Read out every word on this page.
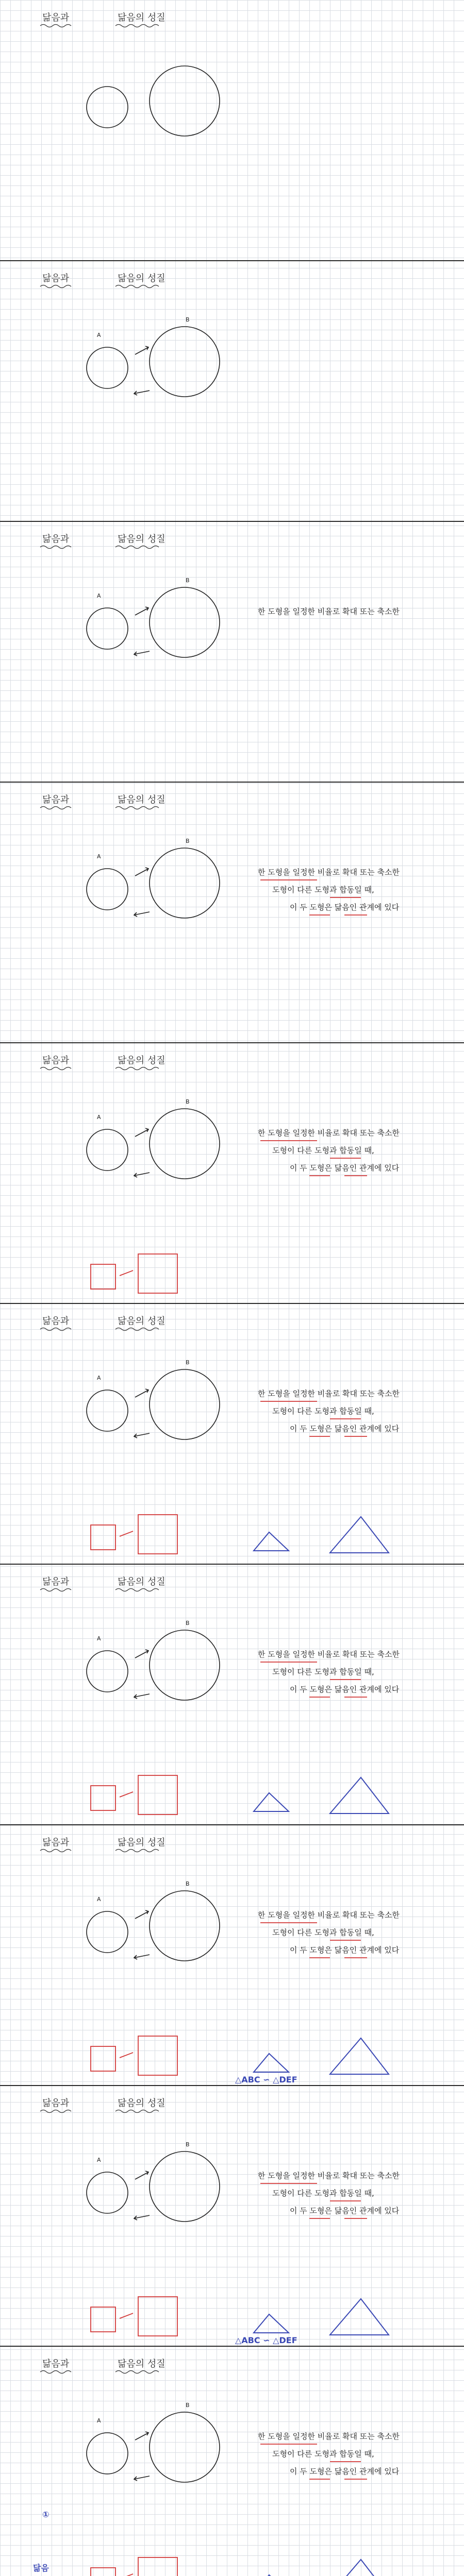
닮음과	닮음의 성질
닮음과	닮음의 성질
A
B
닮음과	닮음의 성질
A
B
한 도형을 일정한 비율로 확대 또는 축소한
닮음과	닮음의 성질
A
B
한 도형을 일정한 비율로 확대 또는 축소한
도형이 다른 도형과 합동일 때,
이 두 도형은 닮음인 관계에 있다
닮음과	닮음의 성질
A
B
한 도형을 일정한 비율로 확대 또는 축소한
도형이 다른 도형과 합동일 때,
이 두 도형은 닮음인 관계에 있다
닮음과	닮음의 성질
A
B
한 도형을 일정한 비율로 확대 또는 축소한
도형이 다른 도형과 합동일 때,
이 두 도형은 닮음인 관계에 있다
닮음과	닮음의 성질
A
B
한 도형을 일정한 비율로 확대 또는 축소한
도형이 다른 도형과 합동일 때,
이 두 도형은 닮음인 관계에 있다
닮음과	닮음의 성질
A
B
한 도형을 일정한 비율로 확대 또는 축소한
도형이 다른 도형과 합동일 때,
이 두 도형은 닮음인 관계에 있다
△ABC ∽ △DEF
닮음과	닮음의 성질
A
B
한 도형을 일정한 비율로 확대 또는 축소한
도형이 다른 도형과 합동일 때,
이 두 도형은 닮음인 관계에 있다
△ABC ∽ △DEF
닮음과	닮음의 성질
A
B
한 도형을 일정한 비율로 확대 또는 축소한
도형이 다른 도형과 합동일 때,
이 두 도형은 닮음인 관계에 있다
①
닮음
